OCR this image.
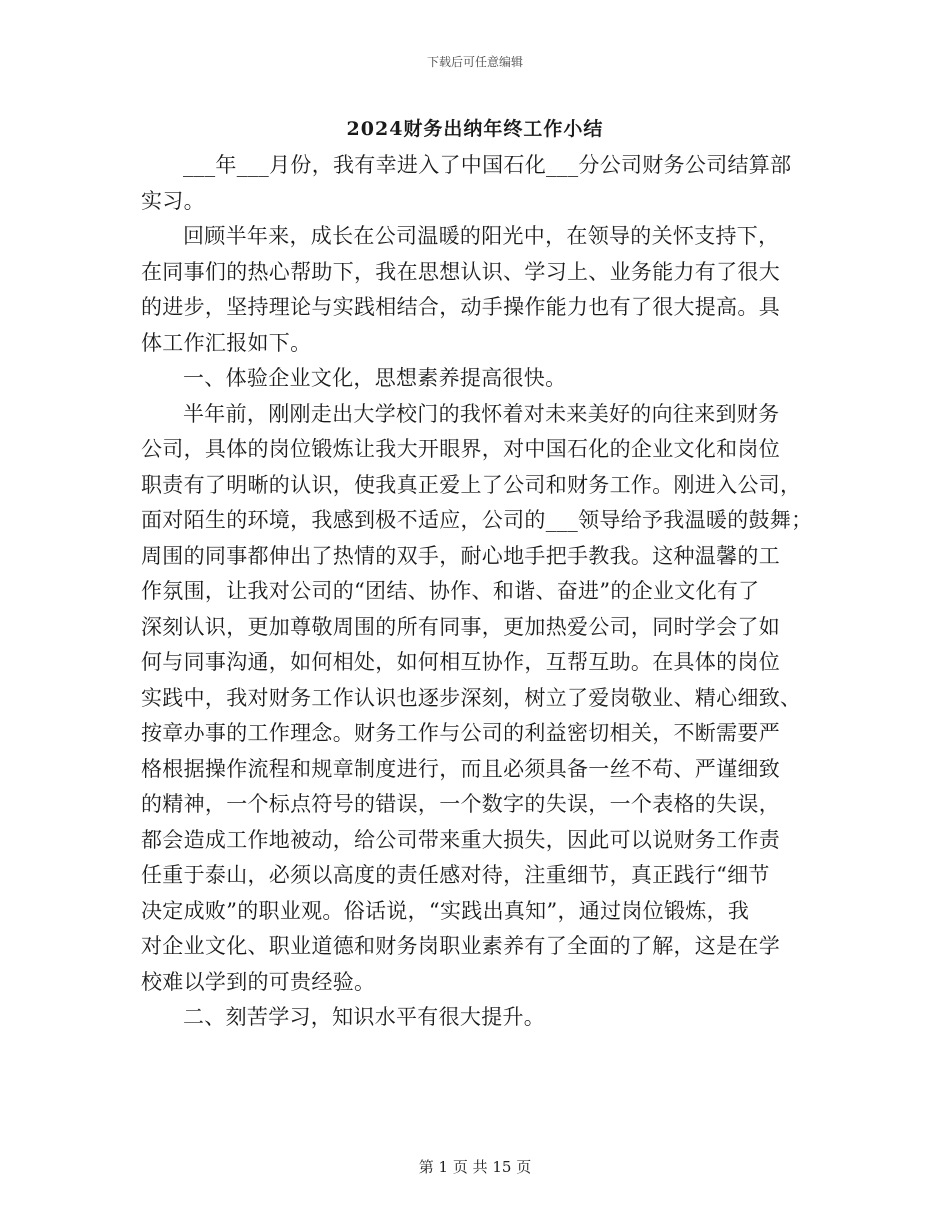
下载后可任意编辑
2024财务出纳年终工作小结
___年___月份，我有幸进入了中国石化___分公司财务公司结算部
实习。
回顾半年来，成长在公司温暖的阳光中，在领导的关怀支持下，
在同事们的热心帮助下，我在思想认识、学习上、业务能力有了很大
的进步，坚持理论与实践相结合，动手操作能力也有了很大提高。具
体工作汇报如下。
一、体验企业文化，思想素养提高很快。
半年前，刚刚走出大学校门的我怀着对未来美好的向往来到财务
公司，具体的岗位锻炼让我大开眼界，对中国石化的企业文化和岗位
职责有了明晰的认识，使我真正爱上了公司和财务工作。刚进入公司，
面对陌生的环境，我感到极不适应，公司的___领导给予我温暖的鼓舞；
周围的同事都伸出了热情的双手，耐心地手把手教我。这种温馨的工
作氛围，让我对公司的“团结、协作、和谐、奋进”的企业文化有了
深刻认识，更加尊敬周围的所有同事，更加热爱公司，同时学会了如
何与同事沟通，如何相处，如何相互协作，互帮互助。在具体的岗位
实践中，我对财务工作认识也逐步深刻，树立了爱岗敬业、精心细致、
按章办事的工作理念。财务工作与公司的利益密切相关，不断需要严
格根据操作流程和规章制度进行，而且必须具备一丝不苟、严谨细致
的精神，一个标点符号的错误，一个数字的失误，一个表格的失误，
都会造成工作地被动，给公司带来重大损失，因此可以说财务工作责
任重于泰山，必须以高度的责任感对待，注重细节，真正践行“细节
决定成败”的职业观。俗话说，“实践出真知”，通过岗位锻炼，我
对企业文化、职业道德和财务岗职业素养有了全面的了解，这是在学
校难以学到的可贵经验。
二、刻苦学习，知识水平有很大提升。
第 1 页 共 15 页
